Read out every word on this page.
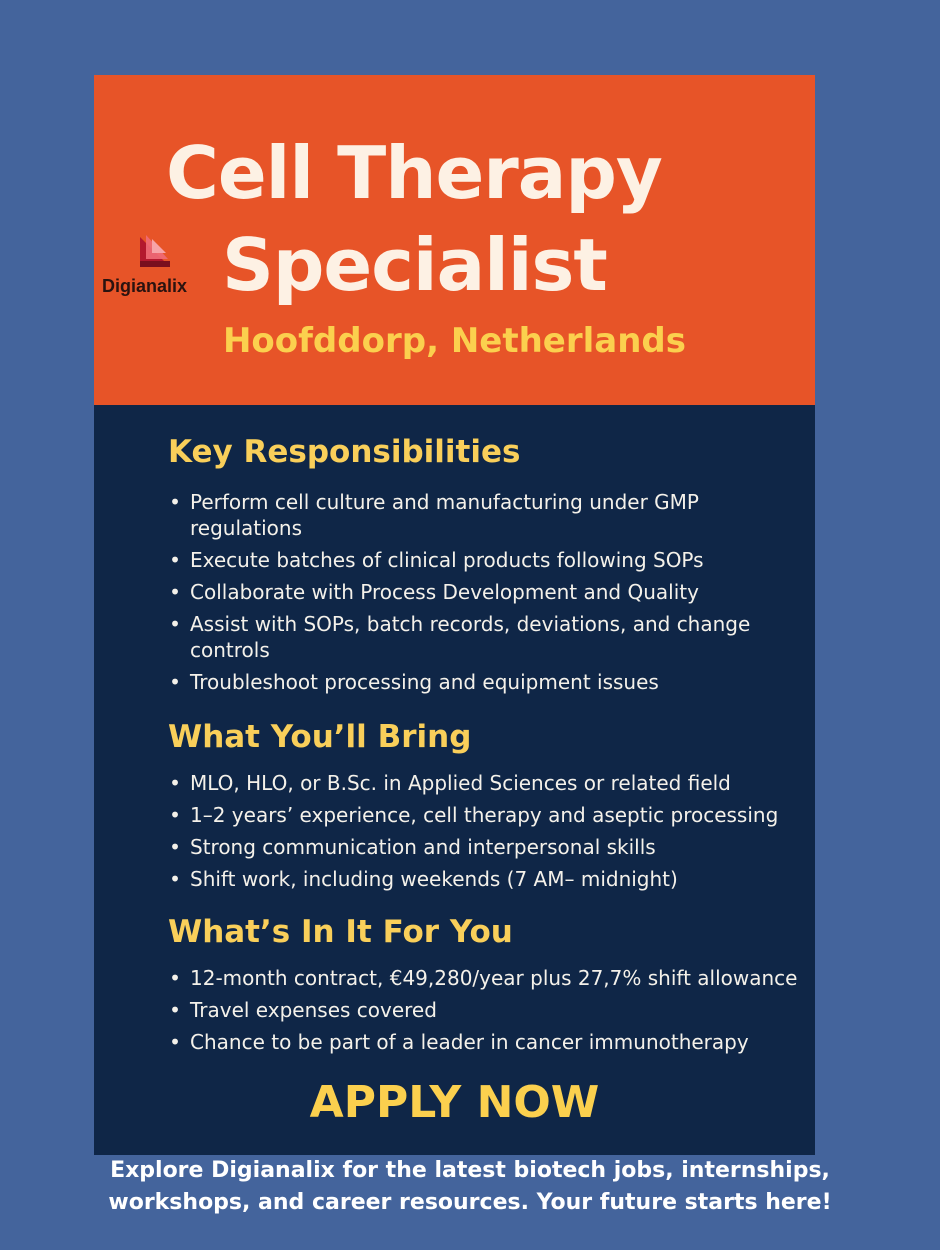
Cell Therapy
Specialist
Digianalix
Hoofddorp, Netherlands
Key Responsibilities
• Perform cell culture and manufacturing under GMP regulations
• Execute batches of clinical products following SOPs
• Collaborate with Process Development and Quality
• Assist with SOPs, batch records, deviations, and change controls
• Troubleshoot processing and equipment issues
What You’ll Bring
• MLO, HLO, or B.Sc. in Applied Sciences or related field
• 1–2 years’ experience, cell therapy and aseptic processing
• Strong communication and interpersonal skills
• Shift work, including weekends (7 AM– midnight)
What’s In It For You
• 12-month contract, €49,280/year plus 27,7% shift allowance
• Travel expenses covered
• Chance to be part of a leader in cancer immunotherapy
APPLY NOW
Explore Digianalix for the latest biotech jobs, internships,
workshops, and career resources. Your future starts here!
